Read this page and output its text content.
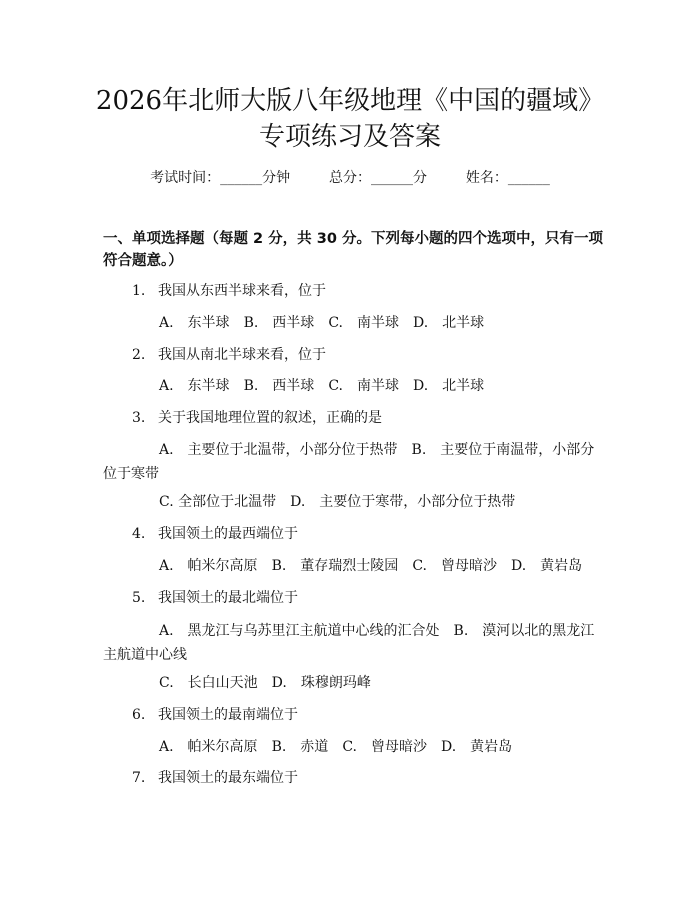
2026年北师大版八年级地理《中国的疆域》
专项练习及答案
考试时间：______分钟	总分：______分	姓名：______
一、单项选择题（每题 2 分，共 30 分。下列每小题的四个选项中，只有一项符合题意。）
1. 我国从东西半球来看，位于
A.　东半球 B.　西半球 C.　南半球 D.　北半球
2. 我国从南北半球来看，位于
A.　东半球 B.　西半球 C.　南半球 D.　北半球
3. 关于我国地理位置的叙述，正确的是
A.　主要位于北温带，小部分位于热带　B.　主要位于南温带，小部分位于寒带
C. 全部位于北温带　D.　主要位于寒带，小部分位于热带
4. 我国领土的最西端位于
A.　帕米尔高原 B.　董存瑞烈士陵园 C.　曾母暗沙 D.　黄岩岛
5. 我国领土的最北端位于
A.　黑龙江与乌苏里江主航道中心线的汇合处　B.　漠河以北的黑龙江主航道中心线
C.　长白山天池　D.　珠穆朗玛峰
6. 我国领土的最南端位于
A.　帕米尔高原 B.　赤道 C.　曾母暗沙 D.　黄岩岛
7. 我国领土的最东端位于
